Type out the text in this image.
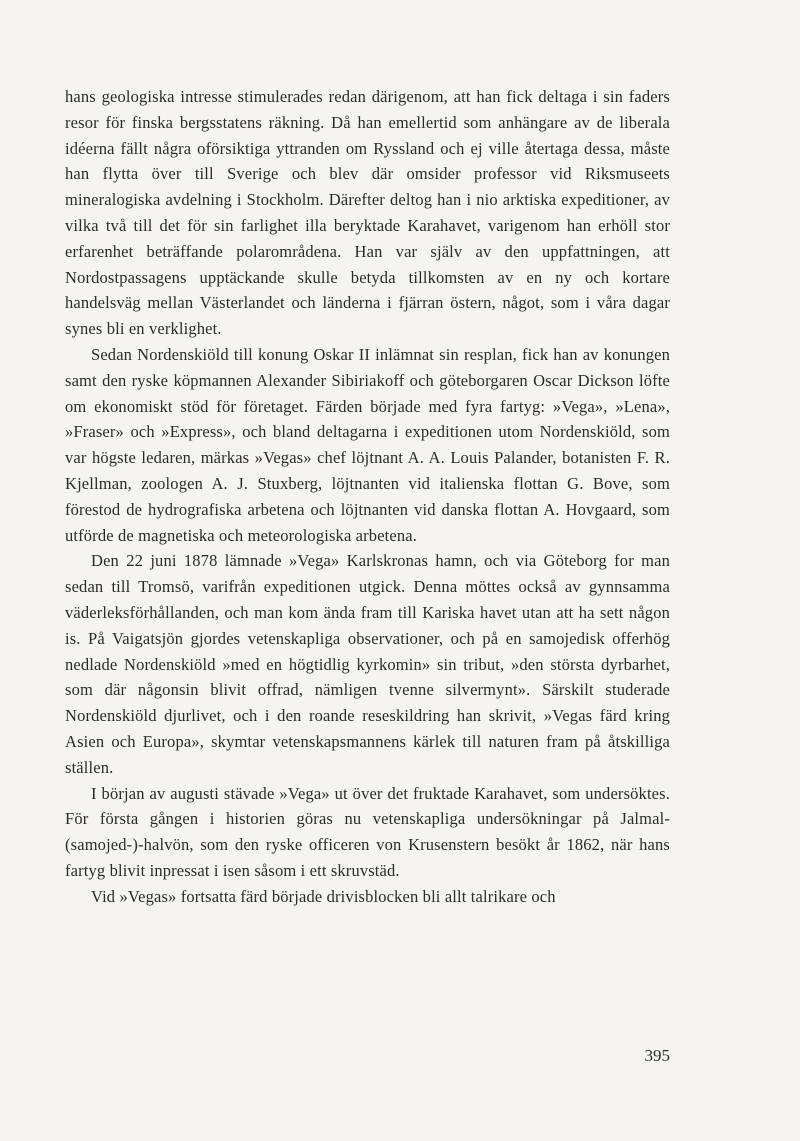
hans geologiska intresse stimulerades redan därigenom, att han fick deltaga i sin faders resor för finska bergsstatens räkning. Då han emellertid som anhängare av de liberala idéerna fällt några oförsiktiga yttranden om Ryssland och ej ville återtaga dessa, måste han flytta över till Sverige och blev där omsider professor vid Riksmuseets mineralogiska avdelning i Stockholm. Därefter deltog han i nio arktiska expeditioner, av vilka två till det för sin farlighet illa beryktade Karahavet, varigenom han erhöll stor erfarenhet beträffande polarområdena. Han var själv av den uppfattningen, att Nordostpassagens upptäckande skulle betyda tillkomsten av en ny och kortare handelsväg mellan Västerlandet och länderna i fjärran östern, något, som i våra dagar synes bli en verklighet.

Sedan Nordenskiöld till konung Oskar II inlämnat sin resplan, fick han av konungen samt den ryske köpmannen Alexander Sibiriakoff och göteborgaren Oscar Dickson löfte om ekonomiskt stöd för företaget. Färden började med fyra fartyg: »Vega», »Lena», »Fraser» och »Express», och bland deltagarna i expeditionen utom Nordenskiöld, som var högste ledaren, märkas »Vegas» chef löjtnant A. A. Louis Palander, botanisten F. R. Kjellman, zoologen A. J. Stuxberg, löjtnanten vid italienska flottan G. Bove, som förestod de hydrografiska arbetena och löjtnanten vid danska flottan A. Hovgaard, som utförde de magnetiska och meteorologiska arbetena.

Den 22 juni 1878 lämnade »Vega» Karlskronas hamn, och via Göteborg for man sedan till Tromsö, varifrån expeditionen utgick. Denna möttes också av gynnsamma väderleksförhållanden, och man kom ända fram till Kariska havet utan att ha sett någon is. På Vaigatsjön gjordes vetenskapliga observationer, och på en samojedisk offerhög nedlade Nordenskiöld »med en högtidlig kyrkomin» sin tribut, »den största dyrbarhet, som där någonsin blivit offrad, nämligen tvenne silvermynt». Särskilt studerade Nordenskiöld djurlivet, och i den roande reseskildring han skrivit, »Vegas färd kring Asien och Europa», skymtar vetenskapsmannens kärlek till naturen fram på åtskilliga ställen.

I början av augusti stävade »Vega» ut över det fruktade Karahavet, som undersöktes. För första gången i historien göras nu vetenskapliga undersökningar på Jalmal-(samojed-)-halvön, som den ryske officeren von Krusenstern besökt år 1862, när hans fartyg blivit inpressat i isen såsom i ett skruvstäd.

Vid »Vegas» fortsatta färd började drivisblocken bli allt talrikare och

395
